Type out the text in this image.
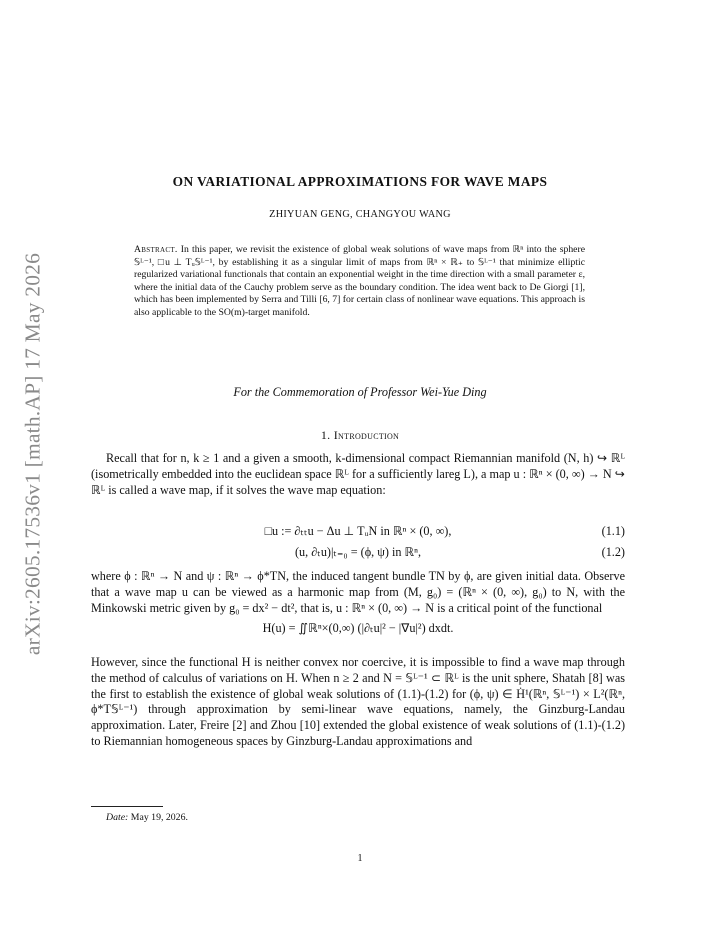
arXiv:2605.17536v1 [math.AP] 17 May 2026
ON VARIATIONAL APPROXIMATIONS FOR WAVE MAPS
ZHIYUAN GENG, CHANGYOU WANG
Abstract. In this paper, we revisit the existence of global weak solutions of wave maps from ℝⁿ into the sphere 𝕊ᴸ⁻¹, □u ⊥ Tᵤ𝕊ᴸ⁻¹, by establishing it as a singular limit of maps from ℝⁿ × ℝ₊ to 𝕊ᴸ⁻¹ that minimize elliptic regularized variational functionals that contain an exponential weight in the time direction with a small parameter ε, where the initial data of the Cauchy problem serve as the boundary condition. The idea went back to De Giorgi [1], which has been implemented by Serra and Tilli [6, 7] for certain class of nonlinear wave equations. This approach is also applicable to the SO(m)-target manifold.
For the Commemoration of Professor Wei-Yue Ding
1. Introduction
Recall that for n, k ≥ 1 and a given a smooth, k-dimensional compact Riemannian manifold (N, h) ↪ ℝᴸ (isometrically embedded into the euclidean space ℝᴸ for a sufficiently lareg L), a map u : ℝⁿ × (0, ∞) → N ↪ ℝᴸ is called a wave map, if it solves the wave map equation:
□u := ∂ₜₜu − Δu ⊥ TᵤN in ℝⁿ × (0, ∞),	(1.1)
(u, ∂ₜu)|ₜ₌₀ = (ϕ, ψ) in ℝⁿ,	(1.2)
where ϕ : ℝⁿ → N and ψ : ℝⁿ → ϕ*TN, the induced tangent bundle TN by ϕ, are given initial data. Observe that a wave map u can be viewed as a harmonic map from (M, g₀) = (ℝⁿ × (0, ∞), g₀) to N, with the Minkowski metric given by g₀ = dx² − dt², that is, u : ℝⁿ × (0, ∞) → N is a critical point of the functional
H(u) = ∬ℝⁿ×(0,∞) (|∂ₜu|² − |∇u|²) dxdt.
However, since the functional H is neither convex nor coercive, it is impossible to find a wave map through the method of calculus of variations on H. When n ≥ 2 and N = 𝕊ᴸ⁻¹ ⊂ ℝᴸ is the unit sphere, Shatah [8] was the first to establish the existence of global weak solutions of (1.1)-(1.2) for (ϕ, ψ) ∈ Ḣ¹(ℝⁿ, 𝕊ᴸ⁻¹) × L²(ℝⁿ, ϕ*T𝕊ᴸ⁻¹) through approximation by semi-linear wave equations, namely, the Ginzburg-Landau approximation. Later, Freire [2] and Zhou [10] extended the global existence of weak solutions of (1.1)-(1.2) to Riemannian homogeneous spaces by Ginzburg-Landau approximations and
Date: May 19, 2026.
1
